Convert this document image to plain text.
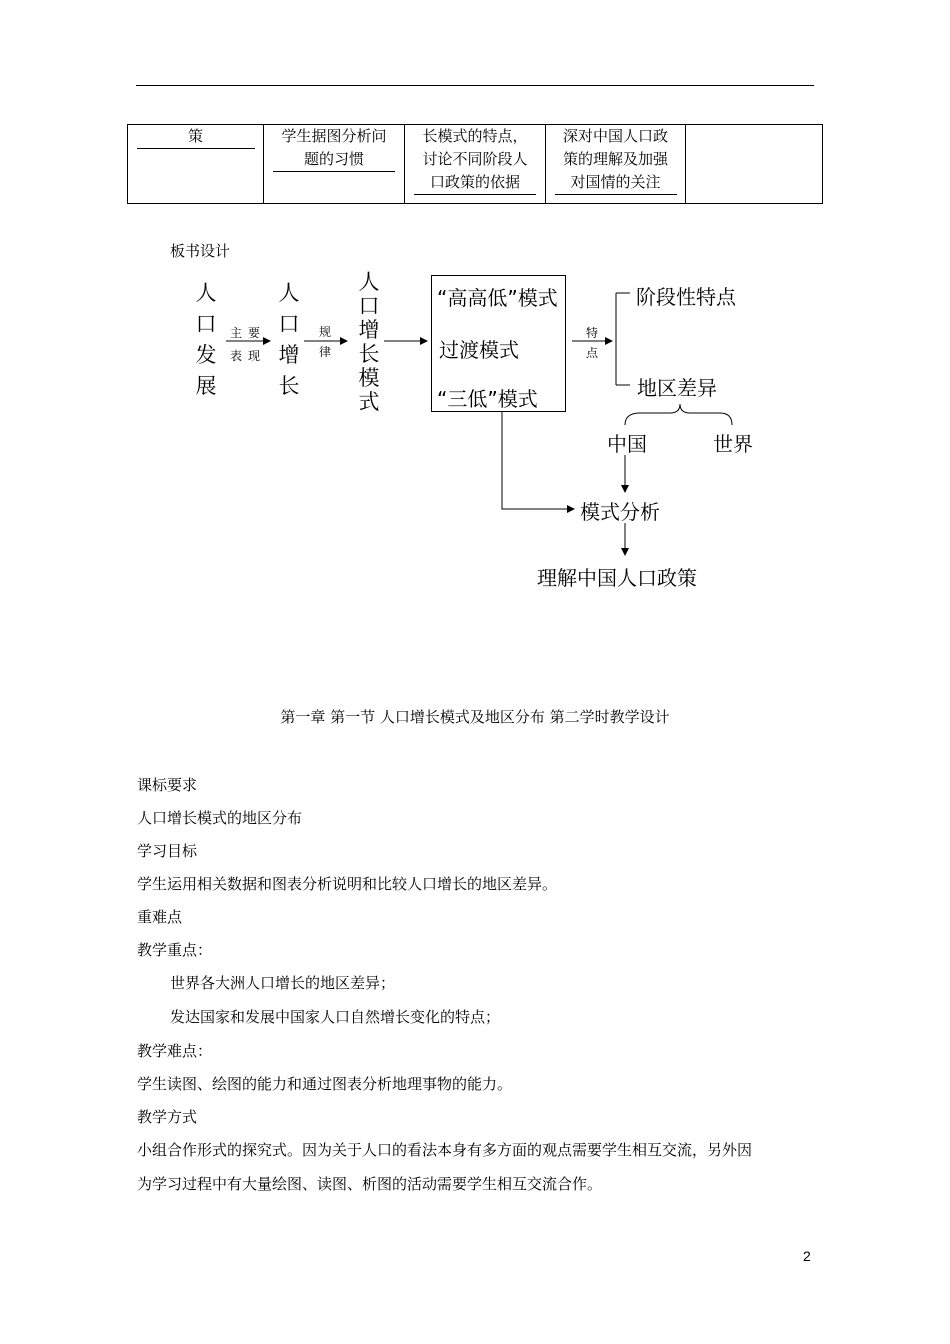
策	学生据图分析问
题的习惯
长模式的特点，
讨论不同阶段人
口政策的依据
深对中国人口政
策的理解及加强
对国情的关注
板书设计
人
口
发
展
主要
表现
人
口
增
长
规
律
人
口
增
长
模
式
“高高低”模式
过渡模式
“三低”模式
特
点
阶段性特点
地区差异
中国	世界
模式分析
理解中国人口政策
第一章 第一节 人口增长模式及地区分布 第二学时教学设计
课标要求
人口增长模式的地区分布
学习目标
学生运用相关数据和图表分析说明和比较人口增长的地区差异。
重难点
教学重点：
世界各大洲人口增长的地区差异；
发达国家和发展中国家人口自然增长变化的特点；
教学难点：
学生读图、绘图的能力和通过图表分析地理事物的能力。
教学方式
小组合作形式的探究式。因为关于人口的看法本身有多方面的观点需要学生相互交流，另外因
为学习过程中有大量绘图、读图、析图的活动需要学生相互交流合作。
2
